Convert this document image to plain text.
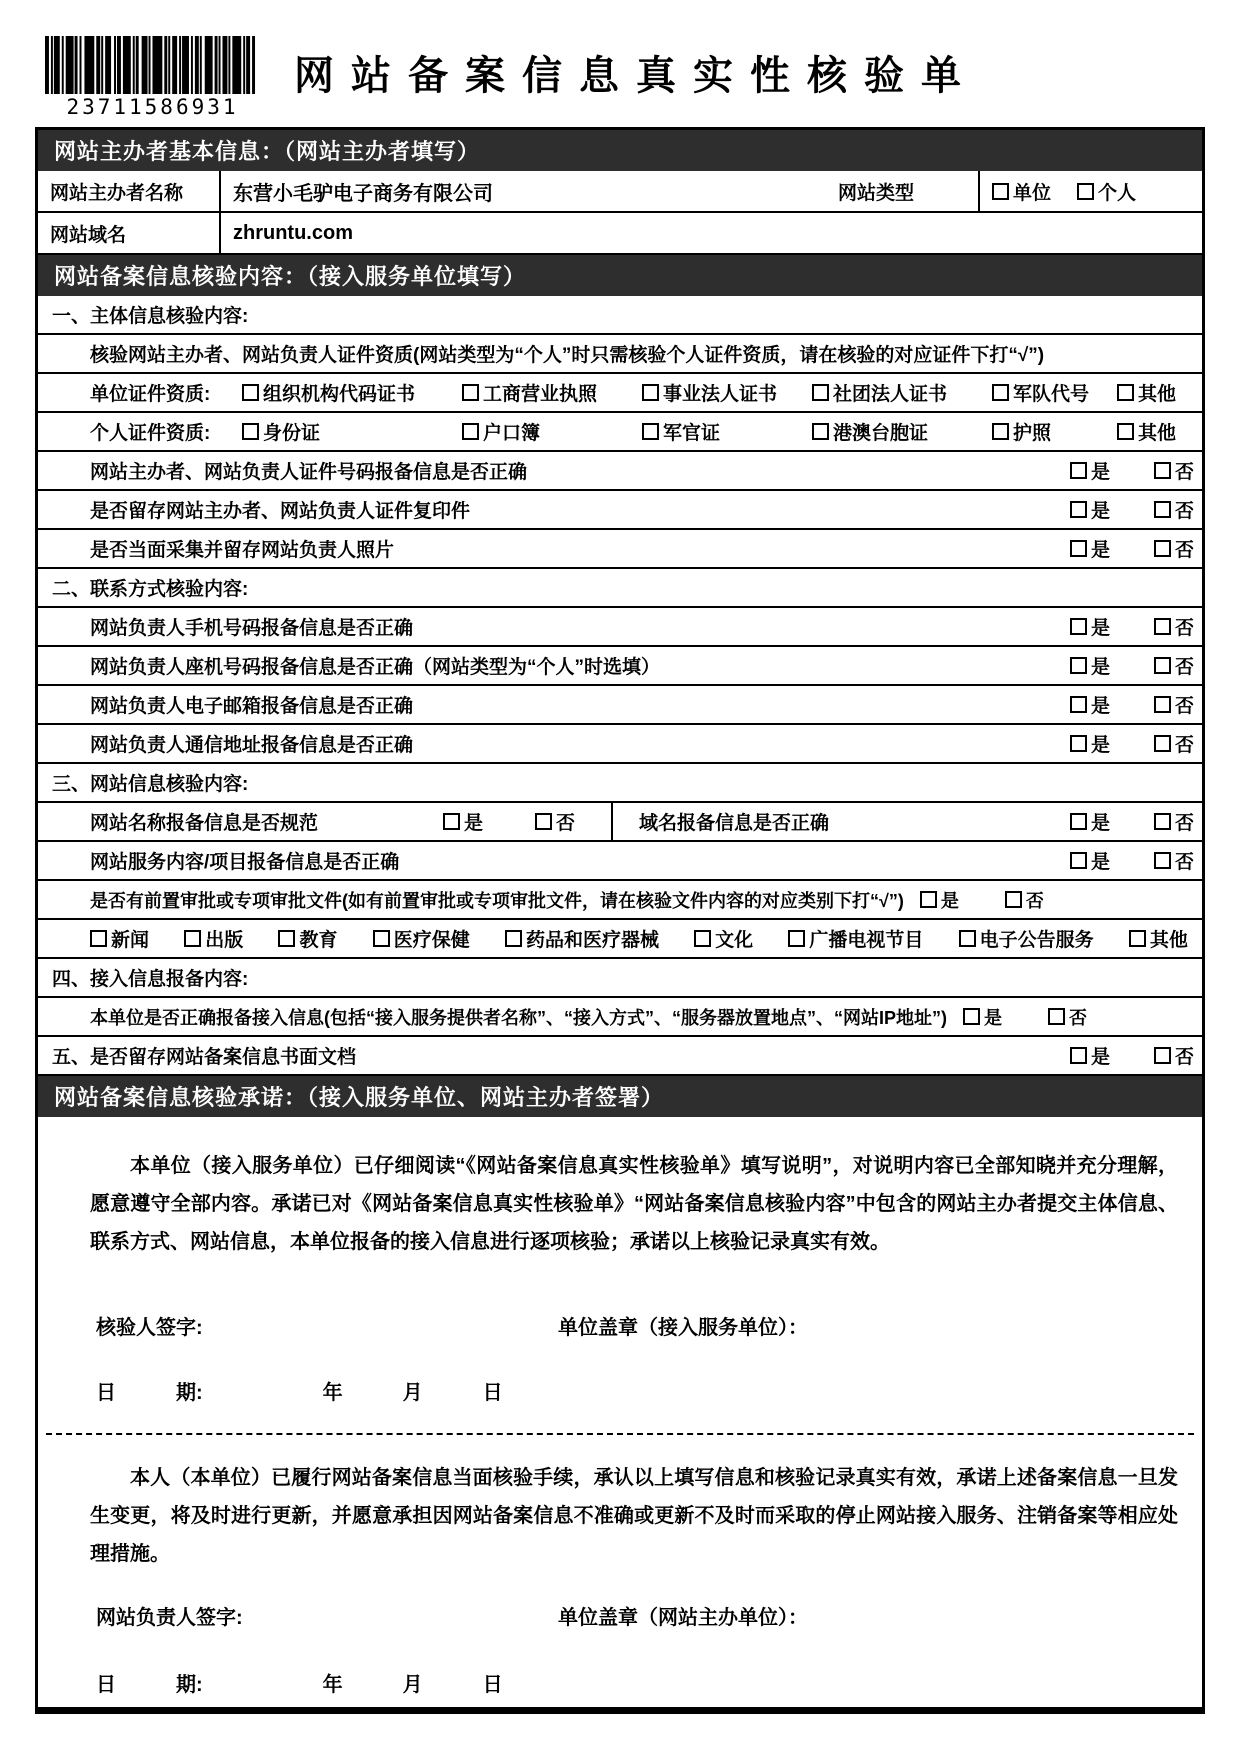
23711586931
网站备案信息真实性核验单
网站主办者基本信息：（网站主办者填写）
网站主办者名称	东营小毛驴电子商务有限公司	网站类型	单位 个人
网站域名	zhruntu.com
网站备案信息核验内容：（接入服务单位填写）
一、主体信息核验内容:
核验网站主办者、网站负责人证件资质(网站类型为“个人”时只需核验个人证件资质，请在核验的对应证件下打“√”)
单位证件资质:	组织机构代码证书	工商营业执照	事业法人证书	社团法人证书	军队代号	其他
个人证件资质:	身份证	户口簿	军官证	港澳台胞证	护照	其他
网站主办者、网站负责人证件号码报备信息是否正确	是	否
是否留存网站主办者、网站负责人证件复印件	是	否
是否当面采集并留存网站负责人照片	是	否
二、联系方式核验内容:
网站负责人手机号码报备信息是否正确	是	否
网站负责人座机号码报备信息是否正确（网站类型为“个人”时选填）	是	否
网站负责人电子邮箱报备信息是否正确	是	否
网站负责人通信地址报备信息是否正确	是	否
三、网站信息核验内容:
网站名称报备信息是否规范	是	否	域名报备信息是否正确	是	否
网站服务内容/项目报备信息是否正确	是	否
是否有前置审批或专项审批文件(如有前置审批或专项审批文件，请在核验文件内容的对应类别下打“√”) 是	否
新闻	出版	教育	医疗保健	药品和医疗器械	文化	广播电视节目	电子公告服务	其他
四、接入信息报备内容:
本单位是否正确报备接入信息(包括“接入服务提供者名称”、“接入方式”、“服务器放置地点”、“网站IP地址”) 是	否
五、是否留存网站备案信息书面文档	是	否
网站备案信息核验承诺：（接入服务单位、网站主办者签署）

本单位（接入服务单位）已仔细阅读“《网站备案信息真实性核验单》填写说明”，对说明内容已全部知晓并充分理解，愿意遵守全部内容。承诺已对《网站备案信息真实性核验单》“网站备案信息核验内容”中包含的网站主办者提交主体信息、联系方式、网站信息，本单位报备的接入信息进行逐项核验；承诺以上核验记录真实有效。

核验人签字:	单位盖章（接入服务单位）：
日　　　期:　　　　　　年　　　月　　　日

本人（本单位）已履行网站备案信息当面核验手续，承认以上填写信息和核验记录真实有效，承诺上述备案信息一旦发生变更，将及时进行更新，并愿意承担因网站备案信息不准确或更新不及时而采取的停止网站接入服务、注销备案等相应处理措施。

网站负责人签字:	单位盖章（网站主办单位）：
日　　　期:　　　　　　年　　　月　　　日
